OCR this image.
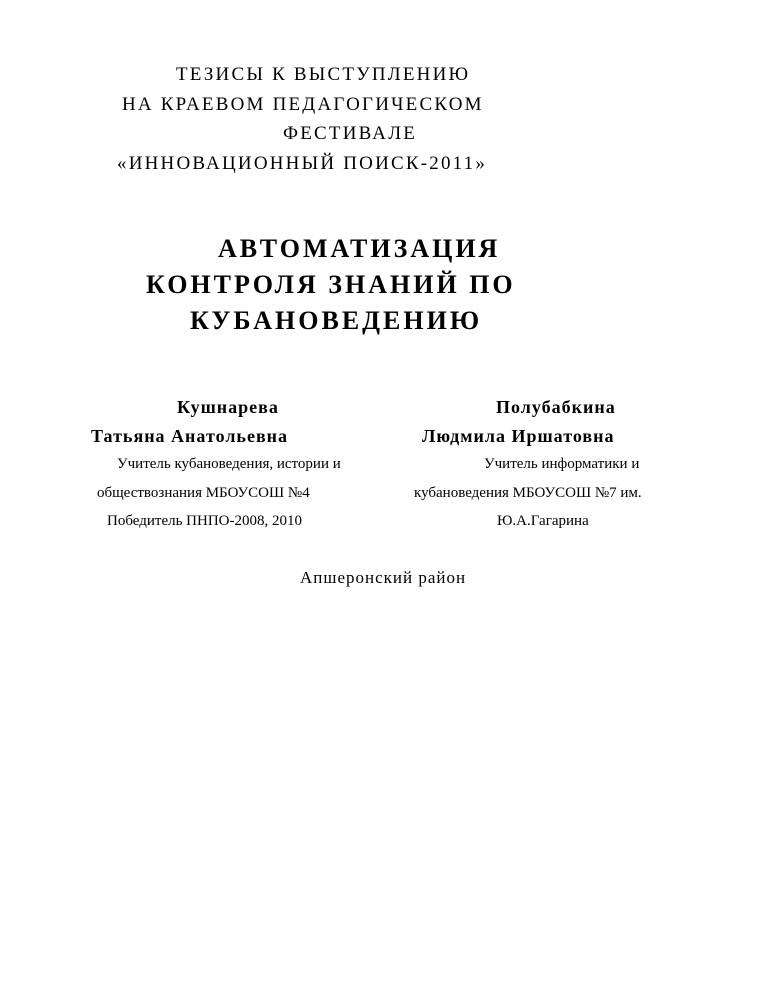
ТЕЗИСЫ К ВЫСТУПЛЕНИЮ

НА КРАЕВОМ ПЕДАГОГИЧЕСКОМ

ФЕСТИВАЛЕ

«ИННОВАЦИОННЫЙ ПОИСК-2011»

АВТОМАТИЗАЦИЯ

КОНТРОЛЯ ЗНАНИЙ ПО

КУБАНОВЕДЕНИЮ

Кушнарева

Татьяна Анатольевна

Учитель кубановедения, истории и

обществознания МБОУСОШ №4

Победитель ПНПО-2008, 2010

Полубабкина

Людмила Иршатовна

Учитель информатики и

кубановедения МБОУСОШ №7 им.

Ю.А.Гагарина

Апшеронский район
